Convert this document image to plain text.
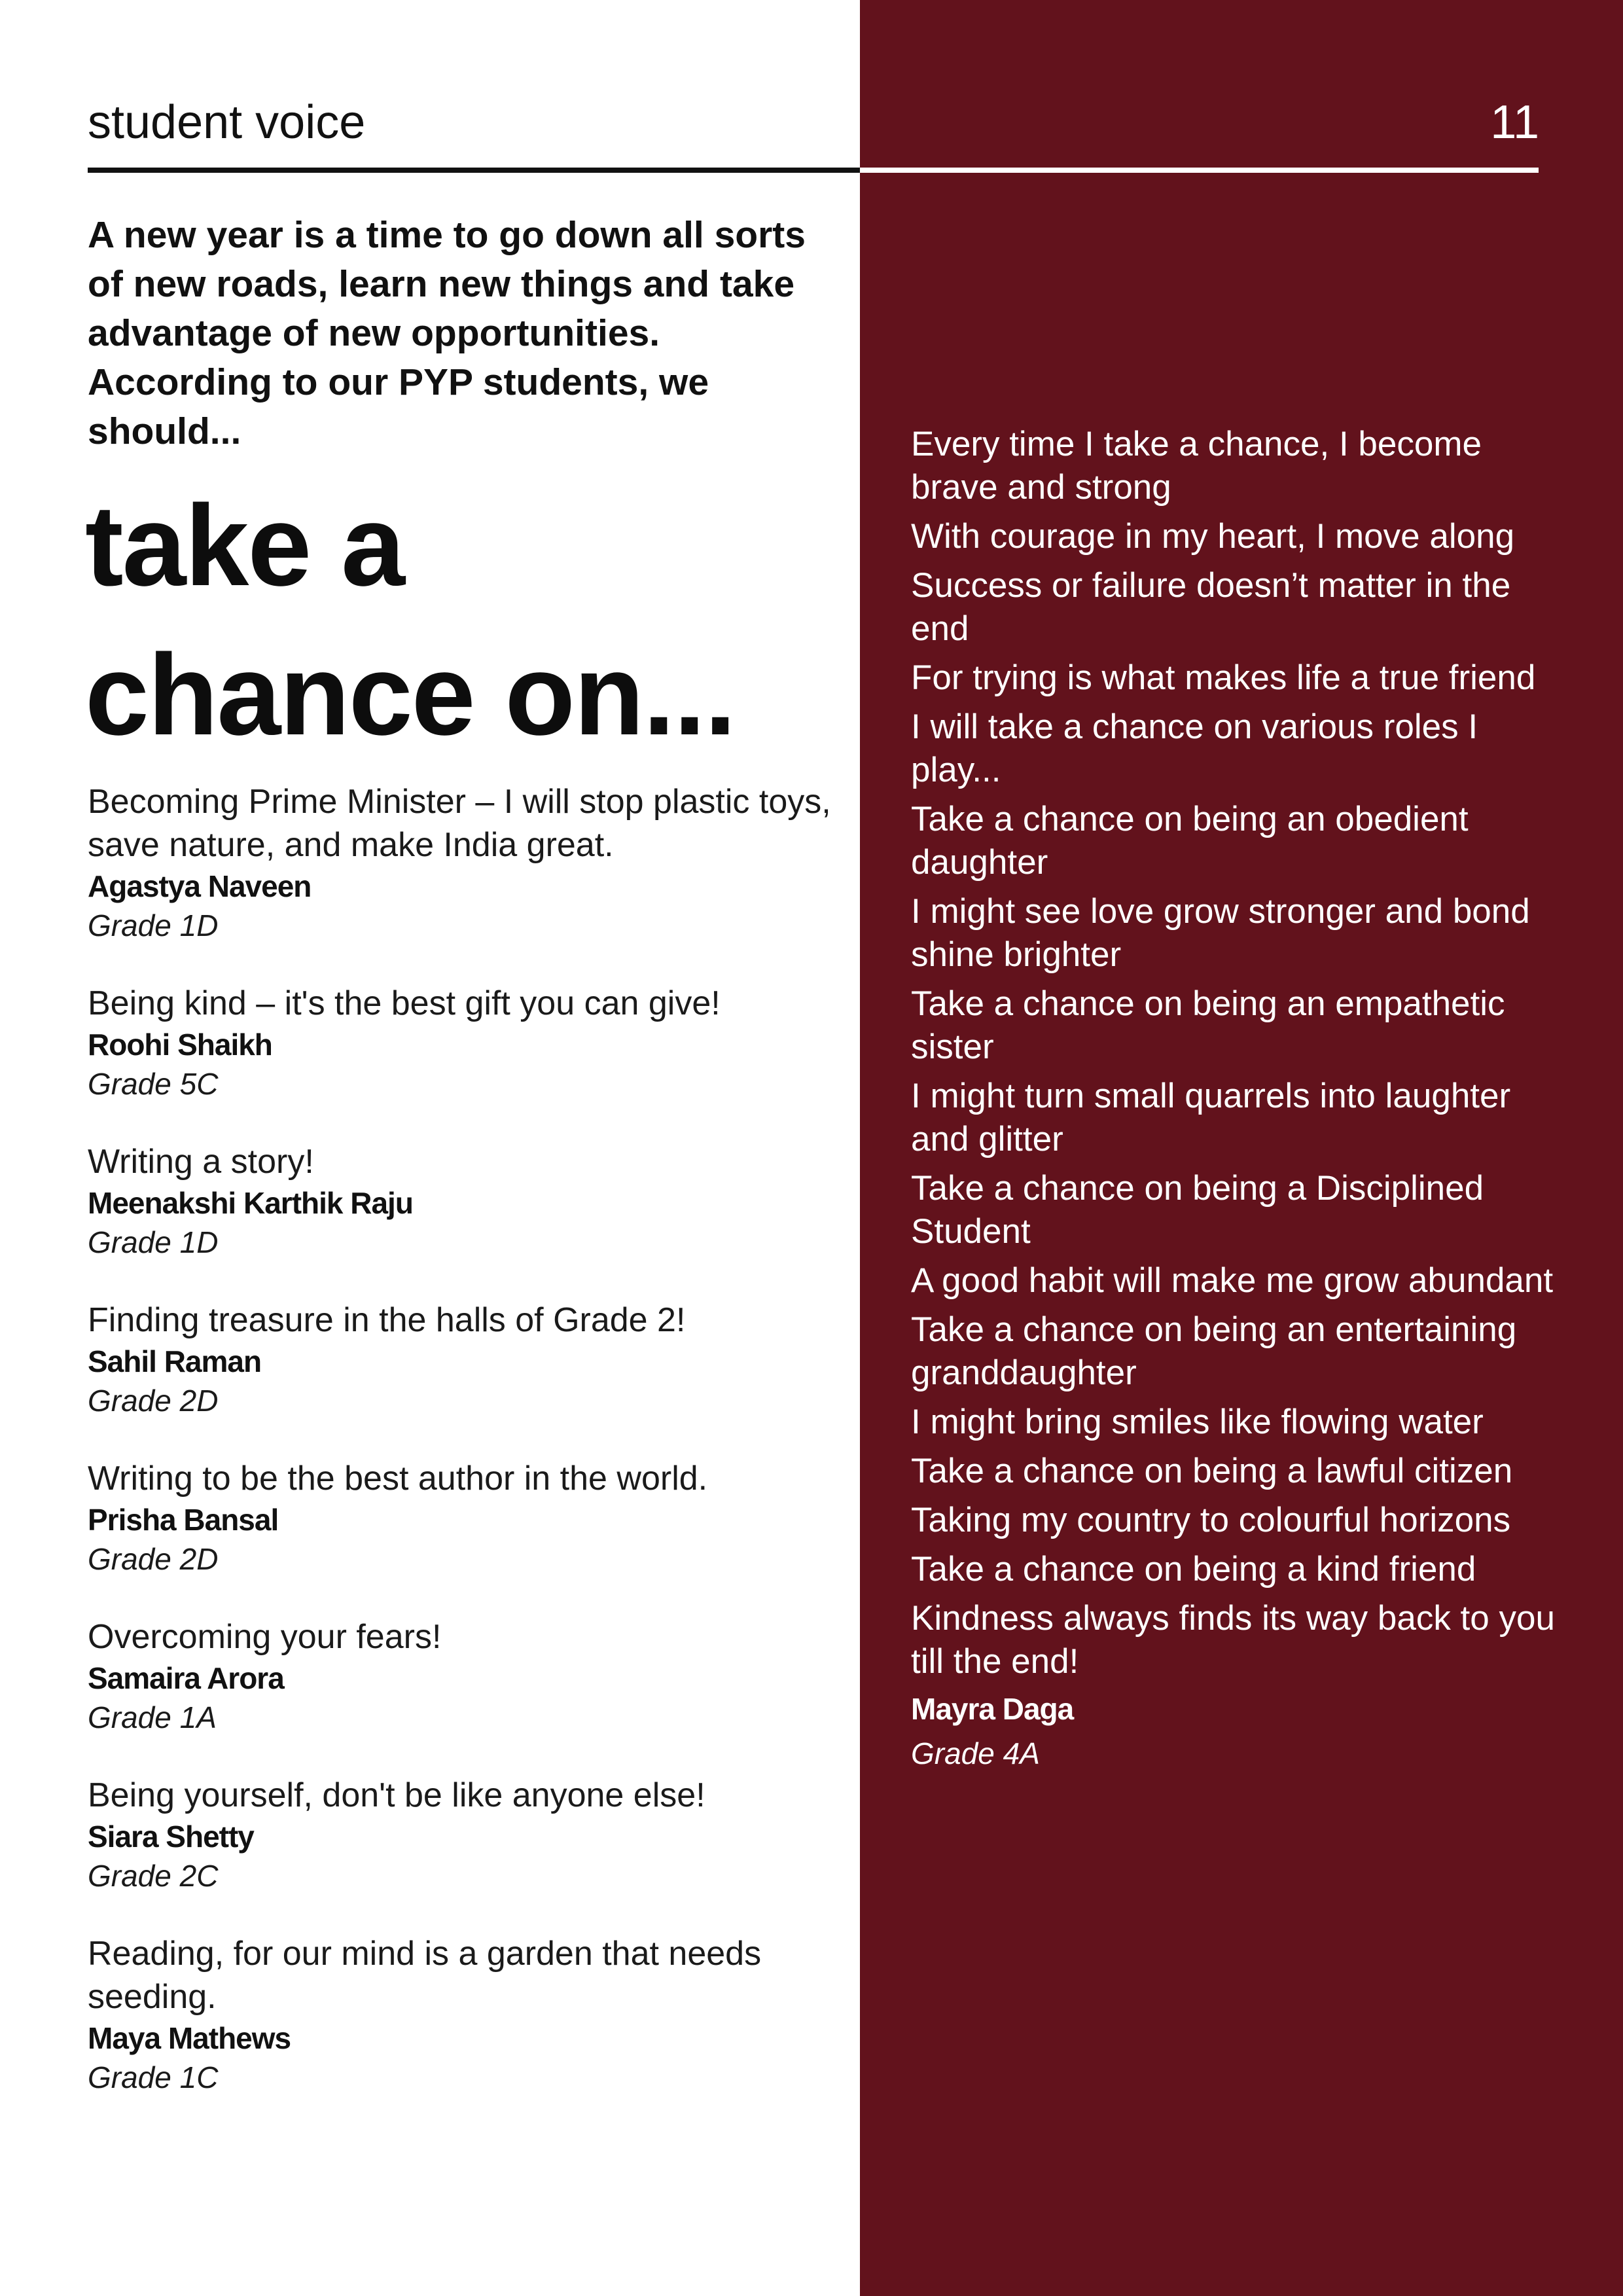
student voice	11
A new year is a time to go down all sorts of new roads, learn new things and take advantage of new opportunities. According to our PYP students, we should...
take a
chance on...
Becoming Prime Minister – I will stop plastic toys, save nature, and make India great.
Agastya Naveen
Grade 1D
Being kind – it's the best gift you can give!
Roohi Shaikh
Grade 5C
Writing a story!
Meenakshi Karthik Raju
Grade 1D
Finding treasure in the halls of Grade 2!
Sahil Raman
Grade 2D
Writing to be the best author in the world.
Prisha Bansal
Grade 2D
Overcoming your fears!
Samaira Arora
Grade 1A
Being yourself, don't be like anyone else!
Siara Shetty
Grade 2C
Reading, for our mind is a garden that needs seeding.
Maya Mathews
Grade 1C
Every time I take a chance, I become brave and strong
With courage in my heart, I move along
Success or failure doesn’t matter in the end
For trying is what makes life a true friend
I will take a chance on various roles I play...
Take a chance on being an obedient daughter
I might see love grow stronger and bond shine brighter
Take a chance on being an empathetic sister
I might turn small quarrels into laughter and glitter
Take a chance on being a Disciplined Student
A good habit will make me grow abundant
Take a chance on being an entertaining granddaughter
I might bring smiles like flowing water
Take a chance on being a lawful citizen
Taking my country to colourful horizons
Take a chance on being a kind friend
Kindness always finds its way back to you till the end!
Mayra Daga
Grade 4A
